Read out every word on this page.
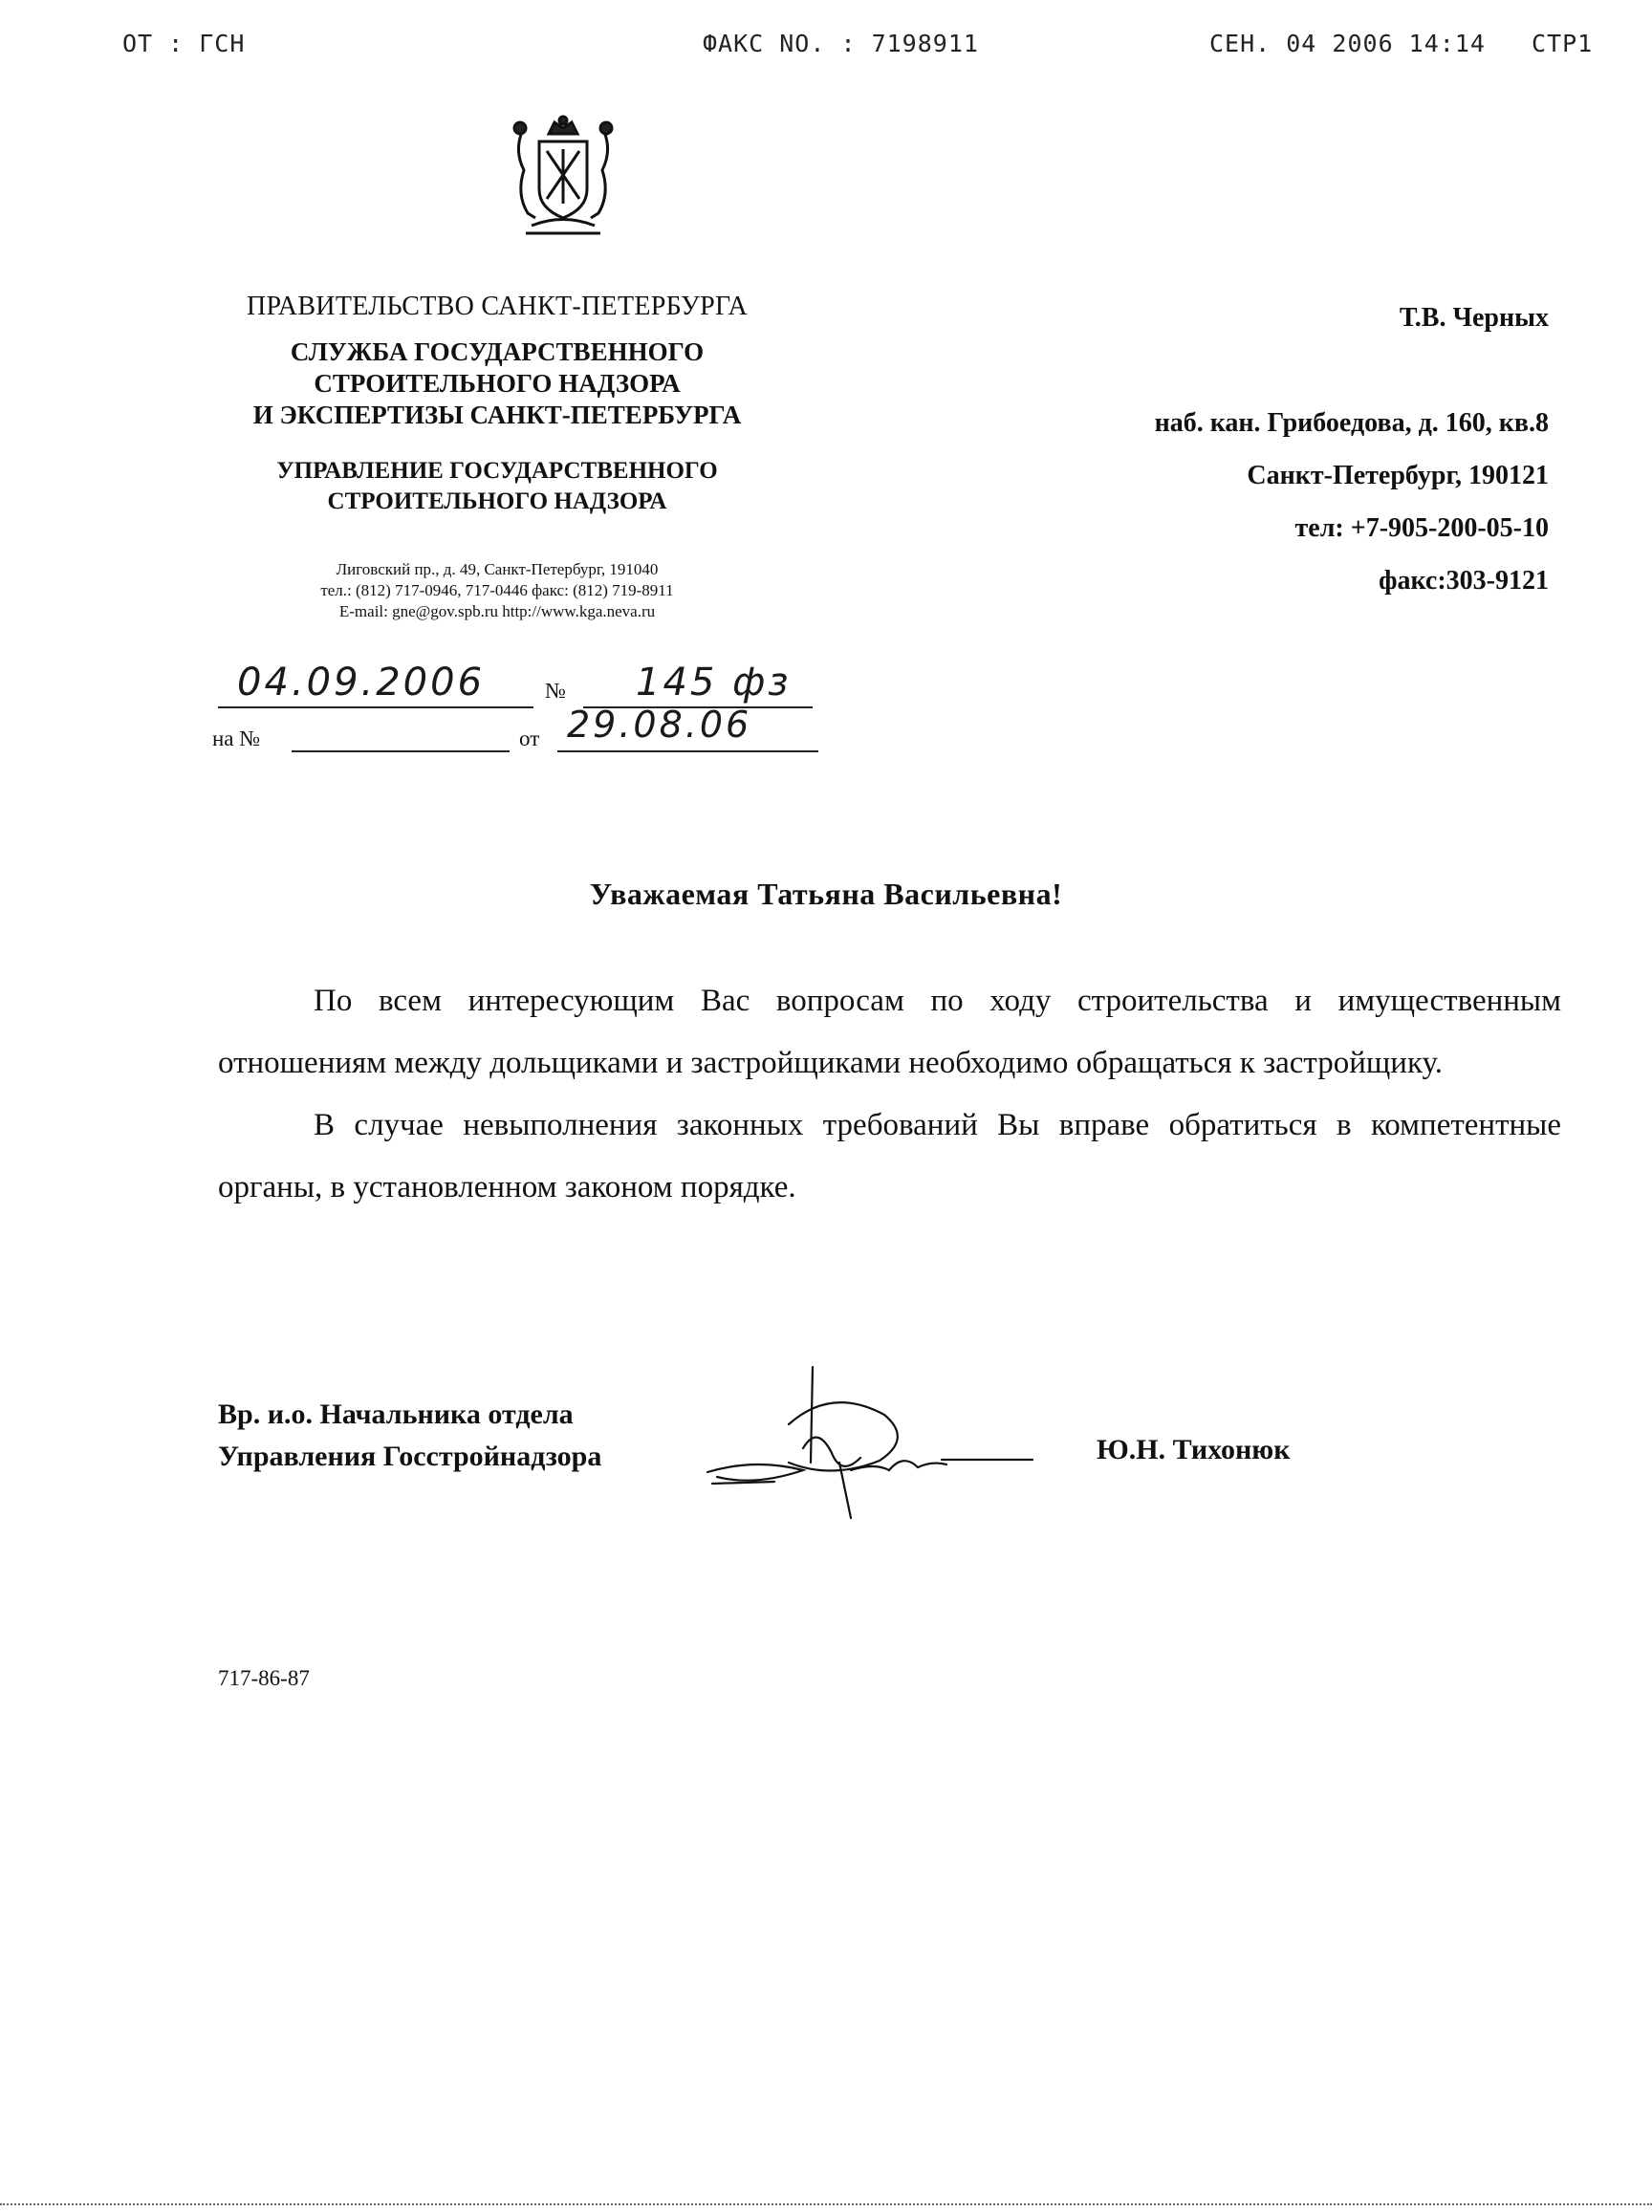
ОТ : ГСН	ФАКС NO. : 7198911	СЕН. 04 2006 14:14 СТР1
ПРАВИТЕЛЬСТВО САНКТ-ПЕТЕРБУРГА
СЛУЖБА ГОСУДАРСТВЕННОГО
СТРОИТЕЛЬНОГО НАДЗОРА
И ЭКСПЕРТИЗЫ САНКТ-ПЕТЕРБУРГА
УПРАВЛЕНИЕ ГОСУДАРСТВЕННОГО
СТРОИТЕЛЬНОГО НАДЗОРА
Лиговский пр., д. 49, Санкт-Петербург, 191040
тел.: (812) 717-0946, 717-0446 факс: (812) 719-8911
E-mail: gne@gov.spb.ru http://www.kga.neva.ru
04.09.2006	№ 145 фз
на №	от 29.08.06
Т.В. Черных
наб. кан. Грибоедова, д. 160, кв.8
Санкт-Петербург, 190121
тел: +7-905-200-05-10
факс:303-9121
Уважаемая Татьяна Васильевна!

По всем интересующим Вас вопросам по ходу строительства и имущественным отношениям между дольщиками и застройщиками необходимо обращаться к застройщику.

В случае невыполнения законных требований Вы вправе обратиться в компетентные органы, в установленном законом порядке.

Вр. и.о. Начальника отдела
Управления Госстройнадзора	Ю.Н. Тихонюк
717-86-87
